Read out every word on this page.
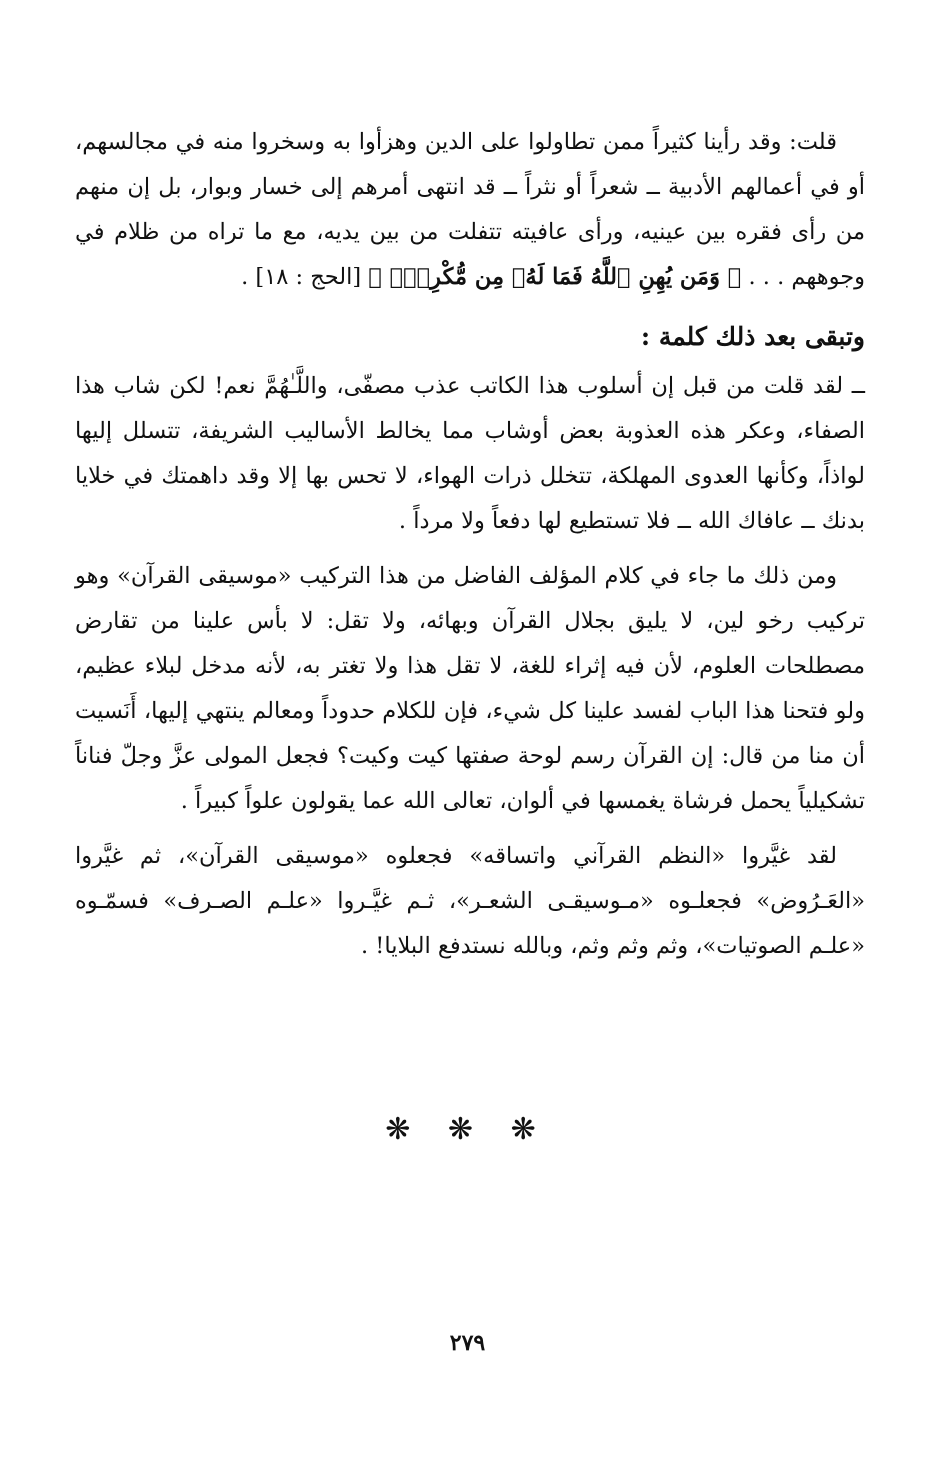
قلت: وقد رأينا كثيراً ممن تطاولوا على الدين وهزأوا به وسخروا منه في مجالسهم، أو في أعمالهم الأدبية ــ شعراً أو نثراً ــ قد انتهى أمرهم إلى خسار وبوار، بل إن منهم من رأى فقره بين عينيه، ورأى عافيته تتفلت من بين يديه، مع ما تراه من ظلام في وجوههم . . . ﴿ وَمَن يُهِنِ ٱللَّهُ فَمَا لَهُۥ مِن مُّكْرِمٍۚ ﴾ [الحج : ١٨] .

وتبقى بعد ذلك كلمة :

ــ لقد قلت من قبل إن أسلوب هذا الكاتب عذب مصفّى، واللَّـٰهُمَّ نعم! لكن شاب هذا الصفاء، وعكر هذه العذوبة بعض أوشاب مما يخالط الأساليب الشريفة، تتسلل إليها لواذاً، وكأنها العدوى المهلكة، تتخلل ذرات الهواء، لا تحس بها إلا وقد داهمتك في خلايا بدنك ــ عافاك الله ــ فلا تستطيع لها دفعاً ولا مرداً .

ومن ذلك ما جاء في كلام المؤلف الفاضل من هذا التركيب «موسيقى القرآن» وهو تركيب رخو لين، لا يليق بجلال القرآن وبهائه، ولا تقل: لا بأس علينا من تقارض مصطلحات العلوم، لأن فيه إثراء للغة، لا تقل هذا ولا تغتر به، لأنه مدخل لبلاء عظيم، ولو فتحنا هذا الباب لفسد علينا كل شيء، فإن للكلام حدوداً ومعالم ينتهي إليها، أَنَسيت أن منا من قال: إن القرآن رسم لوحة صفتها كيت وكيت؟ فجعل المولى عزَّ وجلّ فناناً تشكيلياً يحمل فرشاة يغمسها في ألوان، تعالى الله عما يقولون علواً كبيراً .

لقد غيَّروا «النظم القرآني واتساقه» فجعلوه «موسيقى القرآن»، ثم غيَّروا «العَـرُوض» فجعلـوه «مـوسيقـى الشعـر»، ثـم غيَّـروا «علـم الصـرف» فسمّـوه «علـم الصوتيات»، وثم وثم وثم، وبالله نستدفع البلايا! .

❋ ❋ ❋
٢٧٩
